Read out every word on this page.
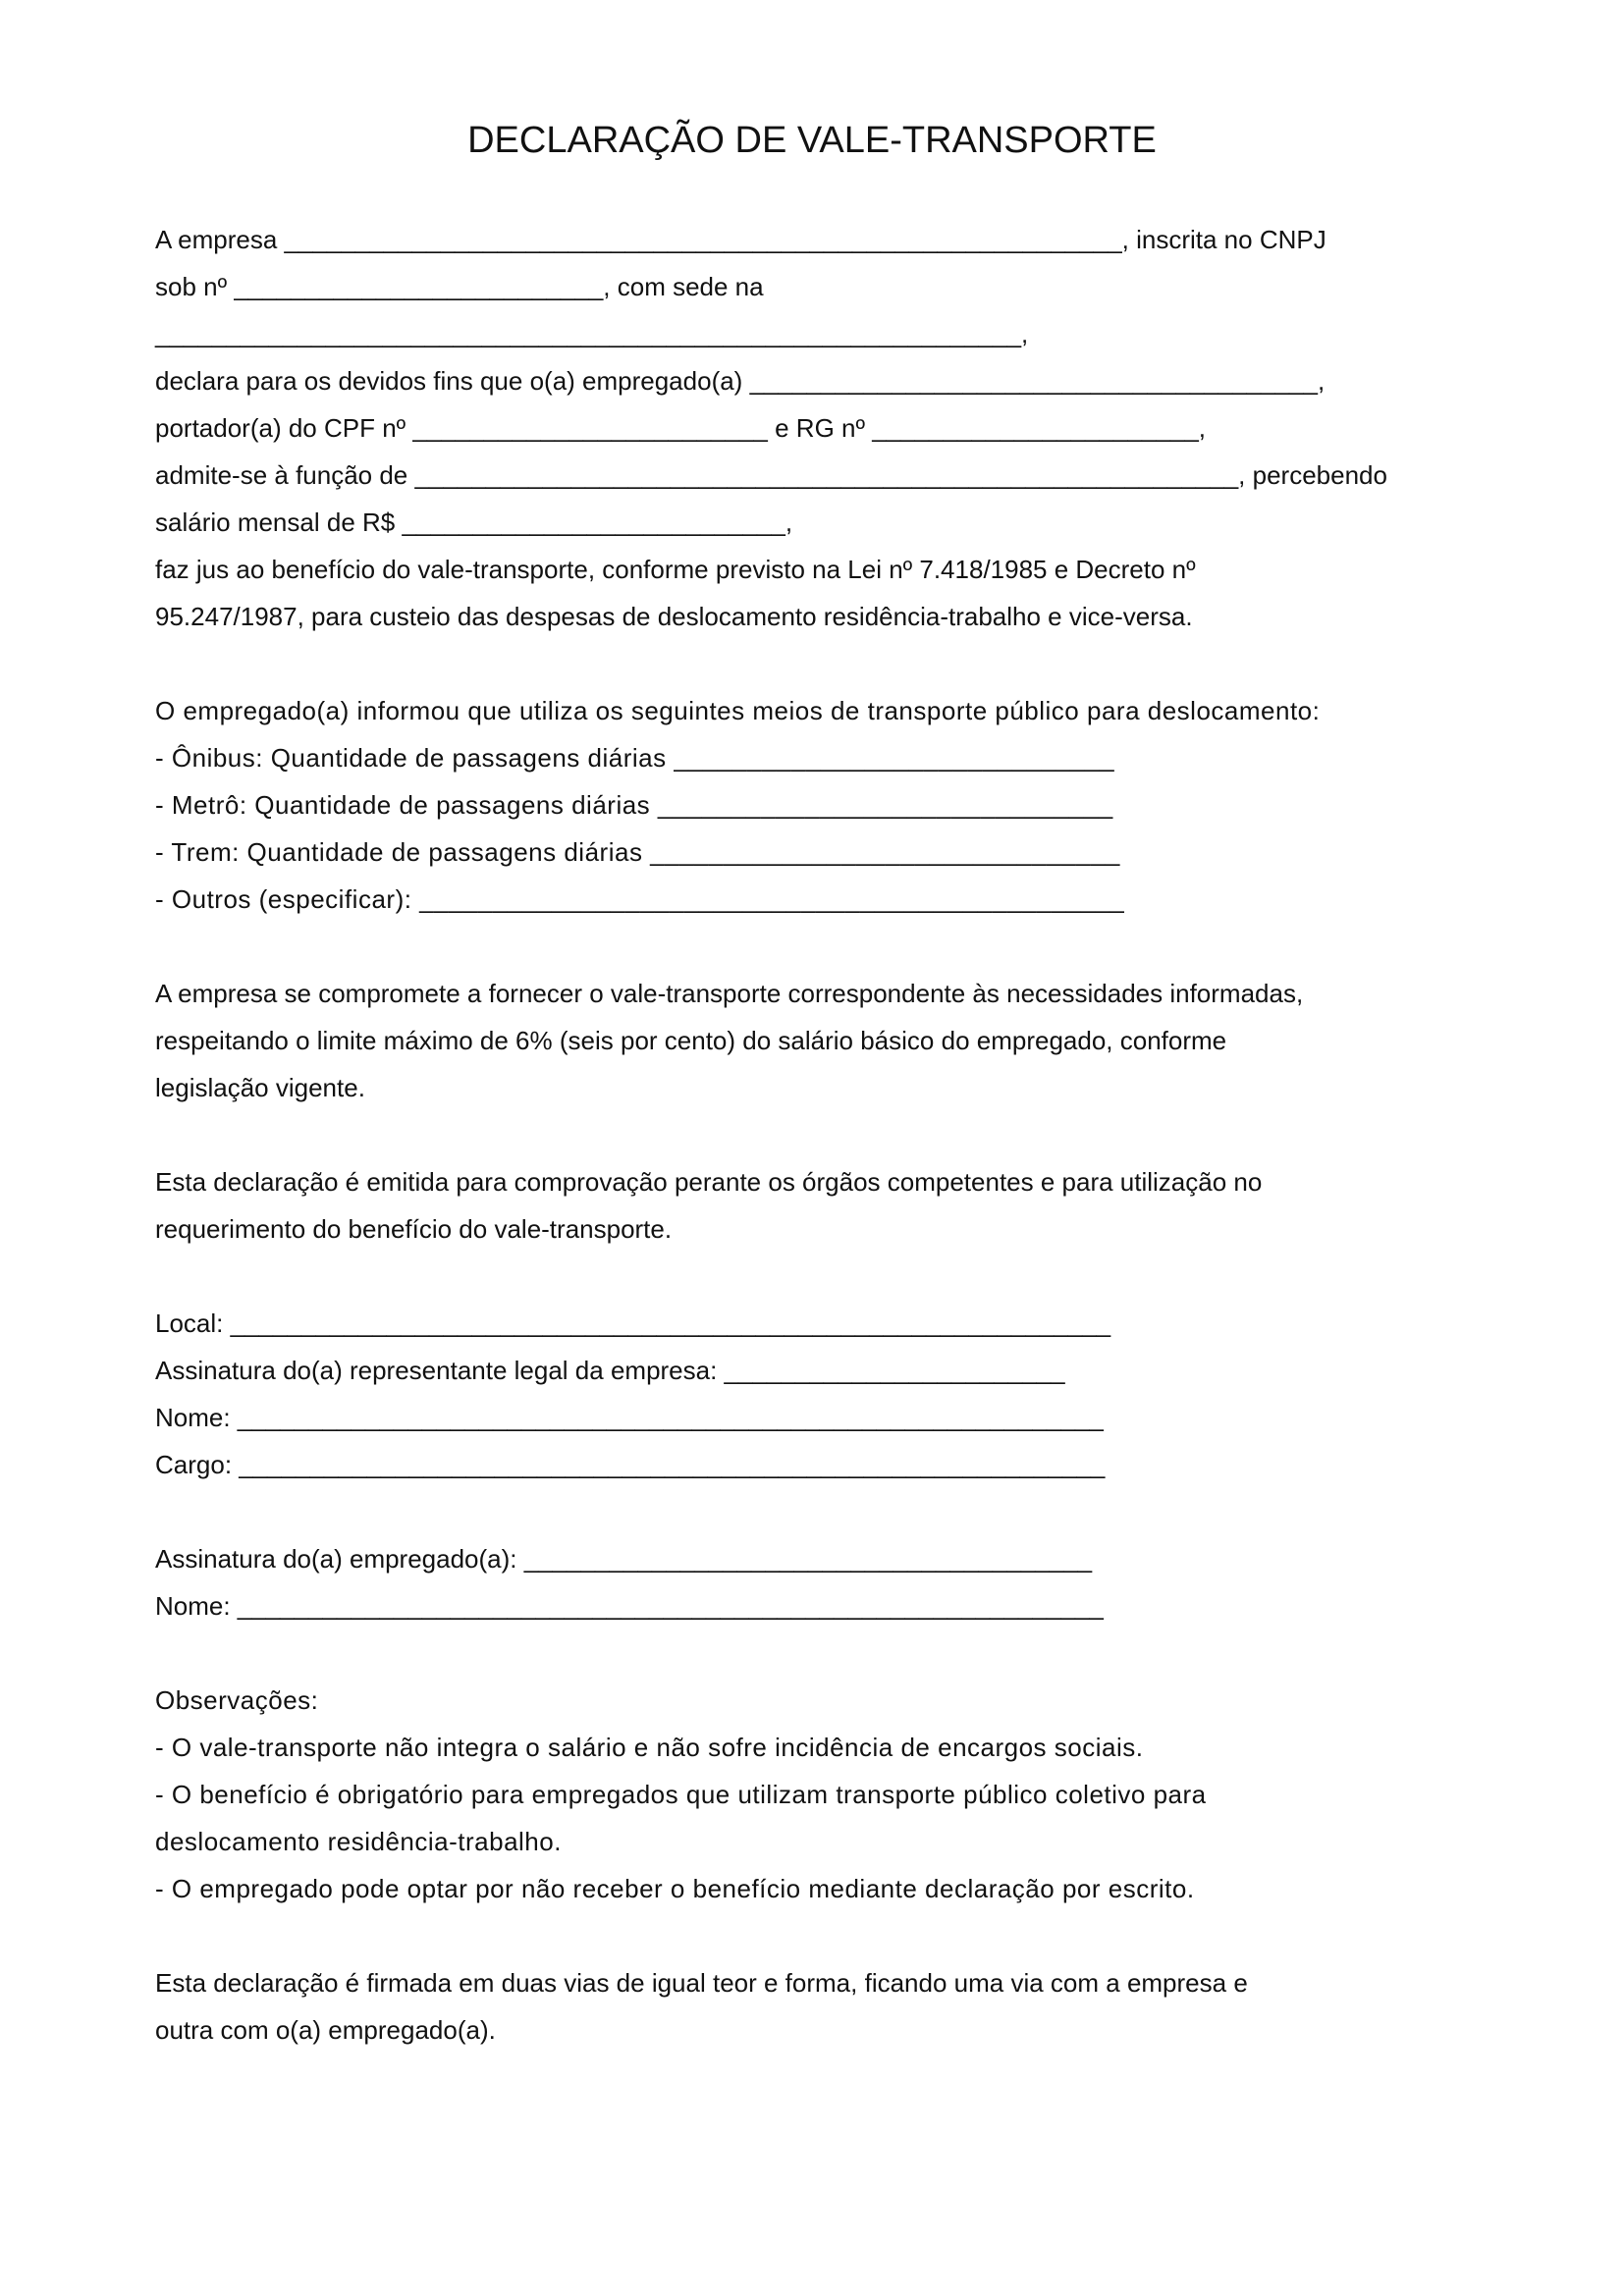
DECLARAÇÃO DE VALE-TRANSPORTE
A empresa ___________________________________________________________, inscrita no CNPJ
sob nº __________________________, com sede na
_____________________________________________________________,
declara para os devidos fins que o(a) empregado(a) ________________________________________,
portador(a) do CPF nº _________________________ e RG nº _______________________,
admite-se à função de __________________________________________________________, percebendo
salário mensal de R$ ___________________________,
faz jus ao benefício do vale-transporte, conforme previsto na Lei nº 7.418/1985 e Decreto nº
95.247/1987, para custeio das despesas de deslocamento residência-trabalho e vice-versa.
O empregado(a) informou que utiliza os seguintes meios de transporte público para deslocamento:
- Ônibus: Quantidade de passagens diárias ______________________________
- Metrô: Quantidade de passagens diárias _______________________________
- Trem: Quantidade de passagens diárias ________________________________
- Outros (especificar): ________________________________________________
A empresa se compromete a fornecer o vale-transporte correspondente às necessidades informadas,
respeitando o limite máximo de 6% (seis por cento) do salário básico do empregado, conforme
legislação vigente.
Esta declaração é emitida para comprovação perante os órgãos competentes e para utilização no
requerimento do benefício do vale-transporte.
Local: ______________________________________________________________
Assinatura do(a) representante legal da empresa: ________________________
Nome: _____________________________________________________________
Cargo: _____________________________________________________________
Assinatura do(a) empregado(a): ________________________________________
Nome: _____________________________________________________________
Observações:
- O vale-transporte não integra o salário e não sofre incidência de encargos sociais.
- O benefício é obrigatório para empregados que utilizam transporte público coletivo para
deslocamento residência-trabalho.
- O empregado pode optar por não receber o benefício mediante declaração por escrito.
Esta declaração é firmada em duas vias de igual teor e forma, ficando uma via com a empresa e
outra com o(a) empregado(a).
